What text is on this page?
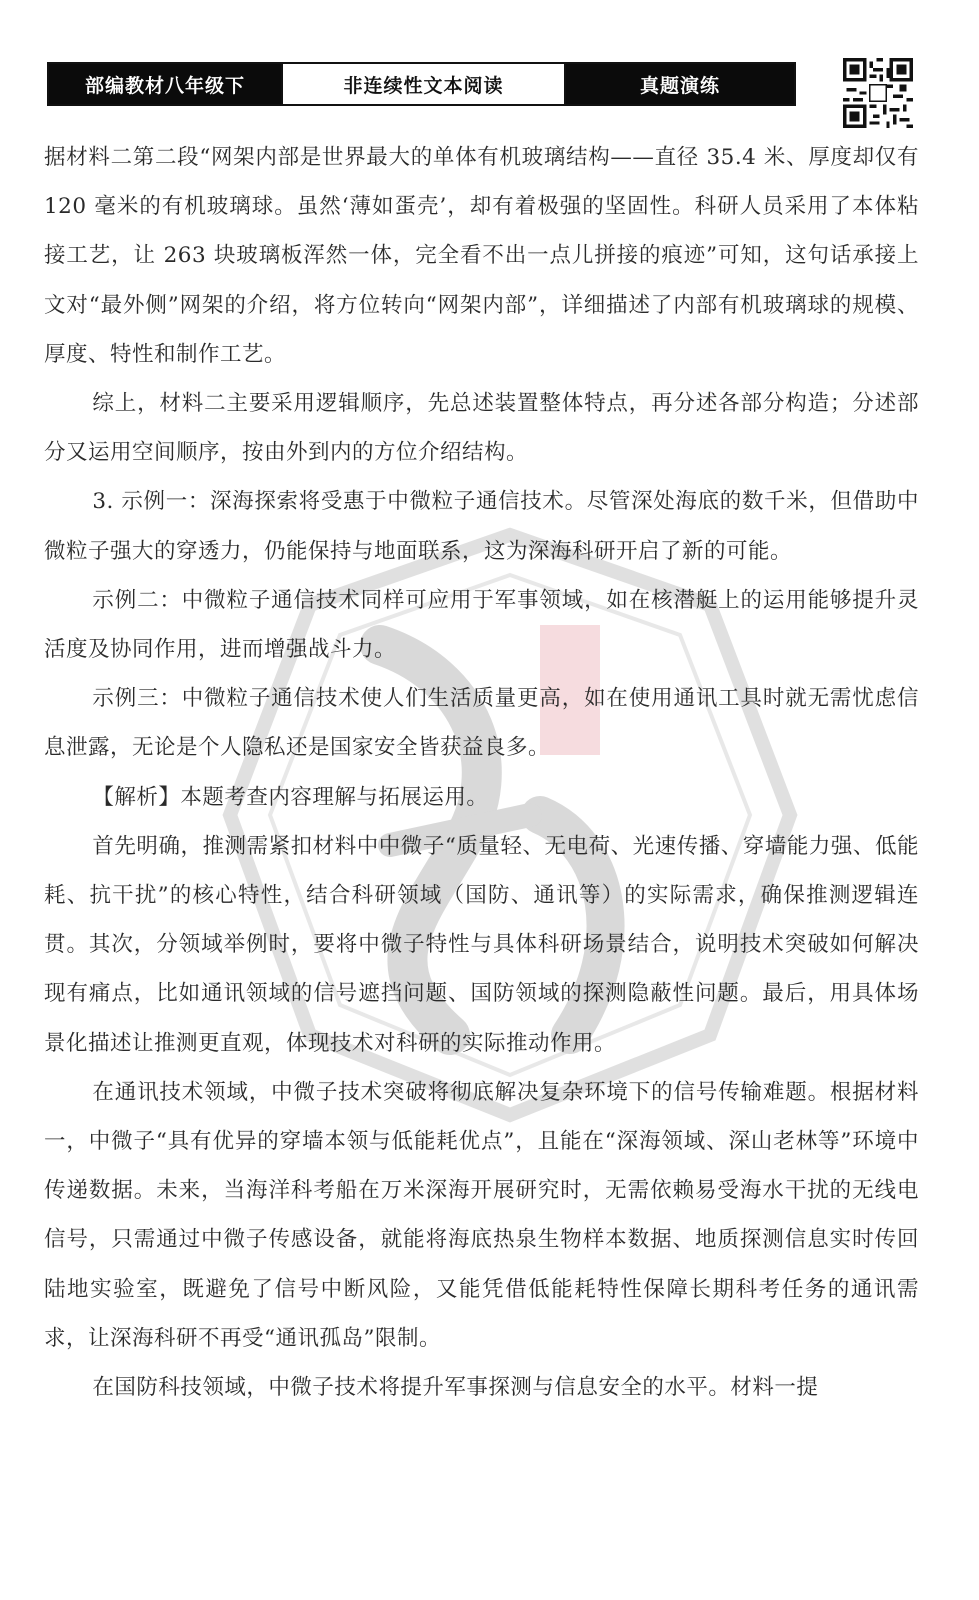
部编教材八年级下	非连续性文本阅读	真题演练

据材料二第二段“网架内部是世界最大的单体有机玻璃结构——直径 35.4 米、厚度却仅有 120 毫米的有机玻璃球。虽然‘薄如蛋壳’，却有着极强的坚固性。科研人员采用了本体粘接工艺，让 263 块玻璃板浑然一体，完全看不出一点儿拼接的痕迹”可知，这句话承接上文对“最外侧”网架的介绍，将方位转向“网架内部”，详细描述了内部有机玻璃球的规模、厚度、特性和制作工艺。

综上，材料二主要采用逻辑顺序，先总述装置整体特点，再分述各部分构造；分述部分又运用空间顺序，按由外到内的方位介绍结构。

3. 示例一：深海探索将受惠于中微粒子通信技术。尽管深处海底的数千米，但借助中微粒子强大的穿透力，仍能保持与地面联系，这为深海科研开启了新的可能。

示例二：中微粒子通信技术同样可应用于军事领域，如在核潜艇上的运用能够提升灵活度及协同作用，进而增强战斗力。

示例三：中微粒子通信技术使人们生活质量更高，如在使用通讯工具时就无需忧虑信息泄露，无论是个人隐私还是国家安全皆获益良多。

【解析】本题考查内容理解与拓展运用。

首先明确，推测需紧扣材料中中微子“质量轻、无电荷、光速传播、穿墙能力强、低能耗、抗干扰”的核心特性，结合科研领域（国防、通讯等）的实际需求，确保推测逻辑连贯。其次，分领域举例时，要将中微子特性与具体科研场景结合，说明技术突破如何解决现有痛点，比如通讯领域的信号遮挡问题、国防领域的探测隐蔽性问题。最后，用具体场景化描述让推测更直观，体现技术对科研的实际推动作用。

在通讯技术领域，中微子技术突破将彻底解决复杂环境下的信号传输难题。根据材料一，中微子“具有优异的穿墙本领与低能耗优点”，且能在“深海领域、深山老林等”环境中传递数据。未来，当海洋科考船在万米深海开展研究时，无需依赖易受海水干扰的无线电信号，只需通过中微子传感设备，就能将海底热泉生物样本数据、地质探测信息实时传回陆地实验室，既避免了信号中断风险，又能凭借低能耗特性保障长期科考任务的通讯需求，让深海科研不再受“通讯孤岛”限制。

在国防科技领域，中微子技术将提升军事探测与信息安全的水平。材料一提
